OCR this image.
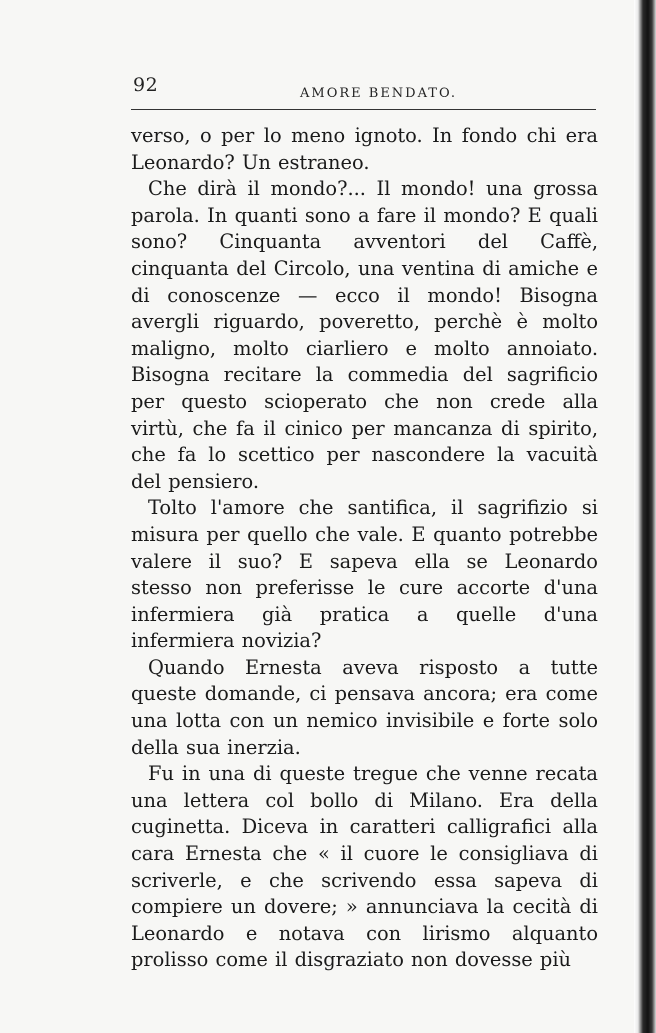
92	AMORE BENDATO.

verso, o per lo meno ignoto. In fondo chi era Leonardo? Un estraneo.

Che dirà il mondo?... Il mondo! una grossa parola. In quanti sono a fare il mondo? E quali sono? Cinquanta avventori del Caffè, cinquanta del Circolo, una ventina di amiche e di conoscenze — ecco il mondo! Bisogna avergli riguardo, poveretto, perchè è molto maligno, molto ciarliero e molto annoiato. Bisogna recitare la commedia del sagrificio per questo scioperato che non crede alla virtù, che fa il cinico per mancanza di spirito, che fa lo scettico per nascondere la vacuità del pensiero.

Tolto l'amore che santifica, il sagrifizio si misura per quello che vale. E quanto potrebbe valere il suo? E sapeva ella se Leonardo stesso non preferisse le cure accorte d'una infermiera già pratica a quelle d'una infermiera novizia?

Quando Ernesta aveva risposto a tutte queste domande, ci pensava ancora; era come una lotta con un nemico invisibile e forte solo della sua inerzia.

Fu in una di queste tregue che venne recata una lettera col bollo di Milano. Era della cuginetta. Diceva in caratteri calligrafici alla cara Ernesta che « il cuore le consigliava di scriverle, e che scrivendo essa sapeva di compiere un dovere; » annunciava la cecità di Leonardo e notava con lirismo alquanto prolisso come il disgraziato non dovesse più
